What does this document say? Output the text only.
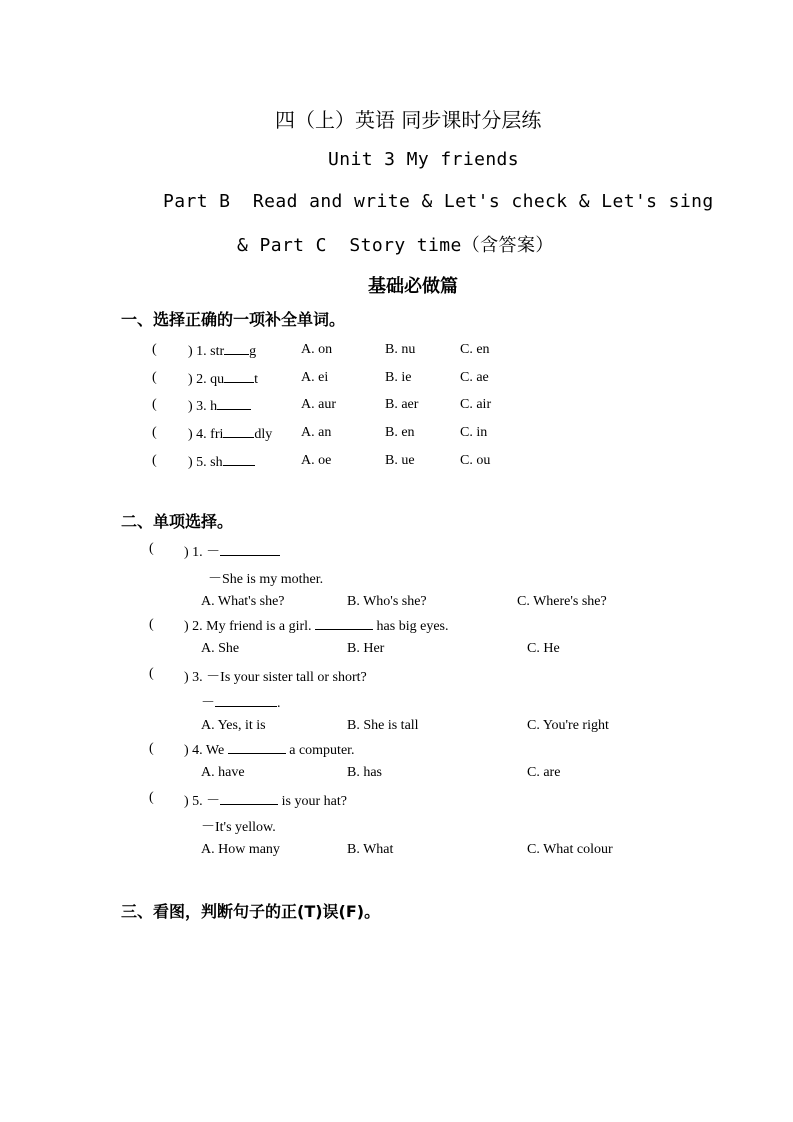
四（上）英语 同步课时分层练
Unit 3 My friends
Part B  Read and write & Let's check & Let's sing
& Part C  Story time（含答案）
基础必做篇
一、选择正确的一项补全单词。
( ) 1. str g	A. on	B. nu	C. en
( ) 2. qu t	A. ei	B. ie	C. ae
( ) 3. h	A. aur	B. aer	C. air
( ) 4. fri dly A. an	B. en	C. in
( ) 5. sh	A. oe	B. ue	C. ou
二、单项选择。
( ) 1. －
－She is my mother.
A. What's she?	B. Who's she?	C. Where's she?
( ) 2. My friend is a girl.	has big eyes.
A. She	B. Her	C. He
( ) 3. －Is your sister tall or short?
－	.
A. Yes, it is	B. She is tall	C. You're right
( ) 4. We	a computer.
A. have	B. has	C. are
( ) 5. －	is your hat?
－It's yellow.
A. How many	B. What	C. What colour
三、看图，判断句子的正(T)误(F)。
